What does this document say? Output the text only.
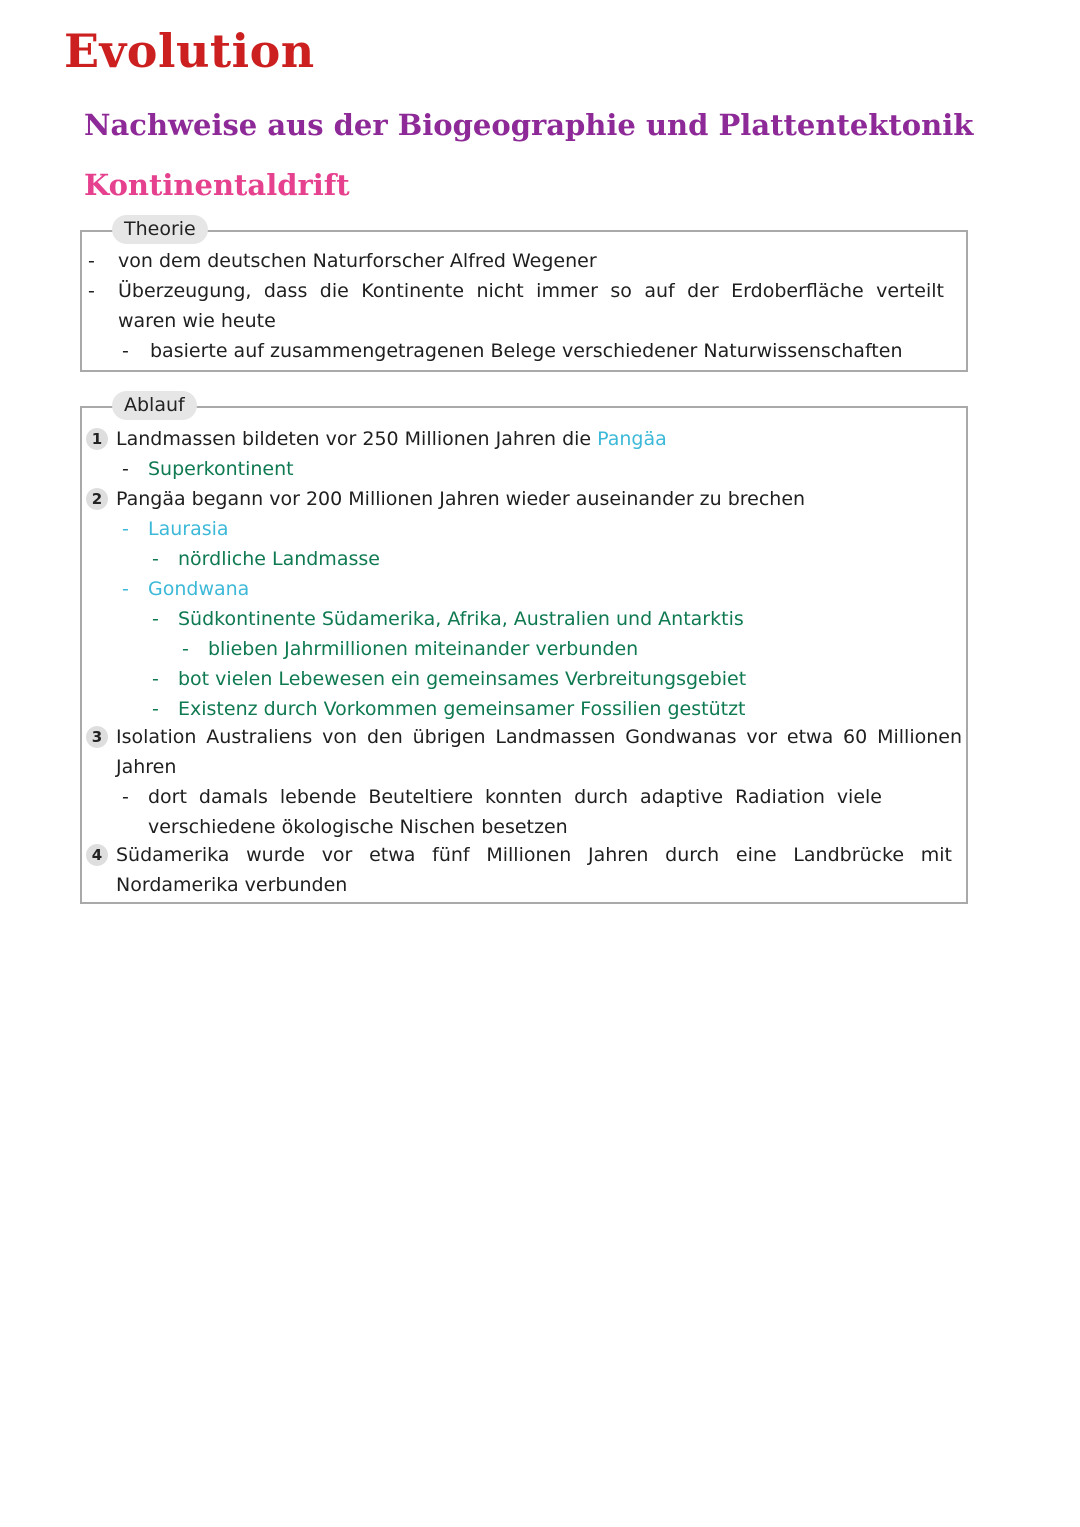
Evolution
Nachweise aus der Biogeographie und Plattentektonik
Kontinentaldrift
Theorie
- von dem deutschen Naturforscher Alfred Wegener
- Überzeugung, dass die Kontinente nicht immer so auf der Erdoberfläche verteilt
waren wie heute
- basierte auf zusammengetragenen Belege verschiedener Naturwissenschaften
Ablauf
1 Landmassen bildeten vor 250 Millionen Jahren die Pangäa
- Superkontinent
2 Pangäa begann vor 200 Millionen Jahren wieder auseinander zu brechen
- Laurasia
- nördliche Landmasse
- Gondwana
- Südkontinente Südamerika, Afrika, Australien und Antarktis
- blieben Jahrmillionen miteinander verbunden
- bot vielen Lebewesen ein gemeinsames Verbreitungsgebiet
- Existenz durch Vorkommen gemeinsamer Fossilien gestützt
3 Isolation Australiens von den übrigen Landmassen Gondwanas vor etwa 60 Millionen
Jahren
- dort damals lebende Beuteltiere konnten durch adaptive Radiation viele
verschiedene ökologische Nischen besetzen
4 Südamerika wurde vor etwa fünf Millionen Jahren durch eine Landbrücke mit
Nordamerika verbunden
